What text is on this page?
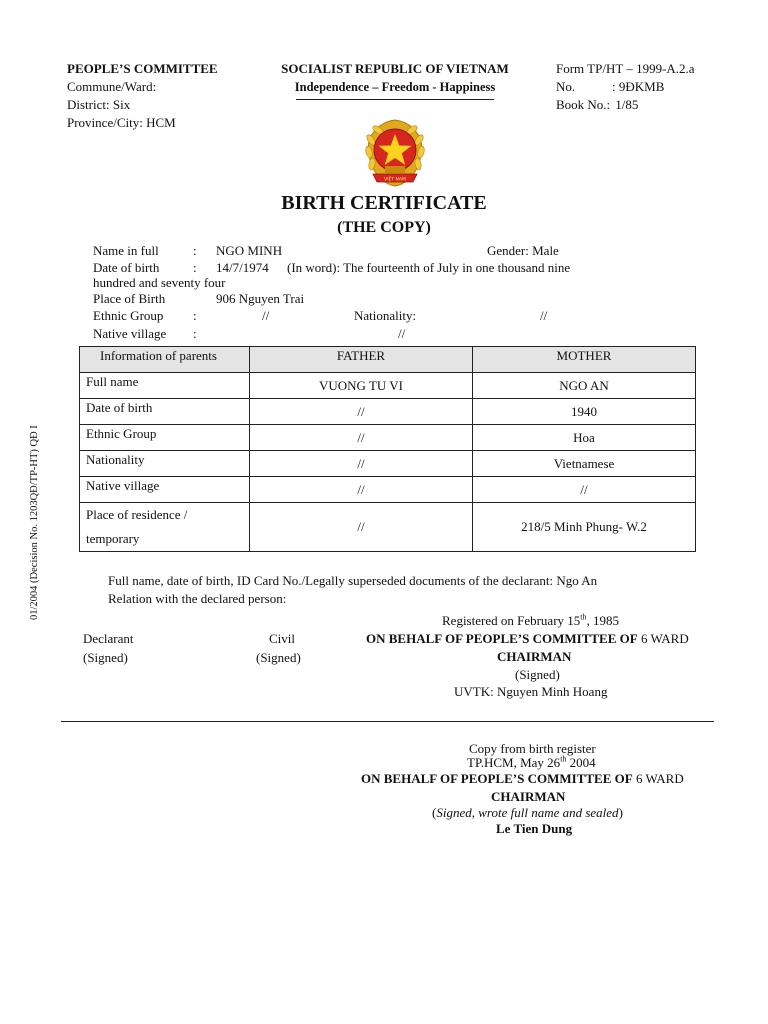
PEOPLE’S COMMITTEE
Commune/Ward:
District: Six
Province/City: HCM
SOCIALIST REPUBLIC OF VIETNAM
Independence – Freedom - Happiness
Form TP/HT – 1999-A.2.a
No.	: 9ĐKMB
Book No.: 1/85
VIỆT NAM
BIRTH CERTIFICATE
(THE COPY)
Name in full	: NGO MINH	Gender: Male
Date of birth	: 14/7/1974 (In word): The fourteenth of July in one thousand nine
hundred and seventy four
Place of Birth	906 Nguyen Trai
Ethnic Group :	//	Nationality:	//
Native village :	//
Information of parents	FATHER	MOTHER
Full name	VUONG TU VI	NGO AN
Date of birth	//	1940
Ethnic Group	//	Hoa
Nationality	//	Vietnamese
Native village	//	//

Place of residence /
temporary	//	218/5 Minh Phung- W.2
Full name, date of birth, ID Card No./Legally superseded documents of the declarant: Ngo An
Relation with the declared person:
Registered on February 15th, 1985
Declarant
(Signed)
Civil
(Signed)
ON BEHALF OF PEOPLE’S COMMITTEE OF 6 WARD
CHAIRMAN
(Signed)
UVTK: Nguyen Minh Hoang
Copy from birth register
TP.HCM, May 26th 2004
ON BEHALF OF PEOPLE’S COMMITTEE OF 6 WARD
CHAIRMAN
(Signed, wrote full name and sealed)
Le Tien Dung
01/2004 (Decision No. 1203QĐ/TP-HT) QĐ I
